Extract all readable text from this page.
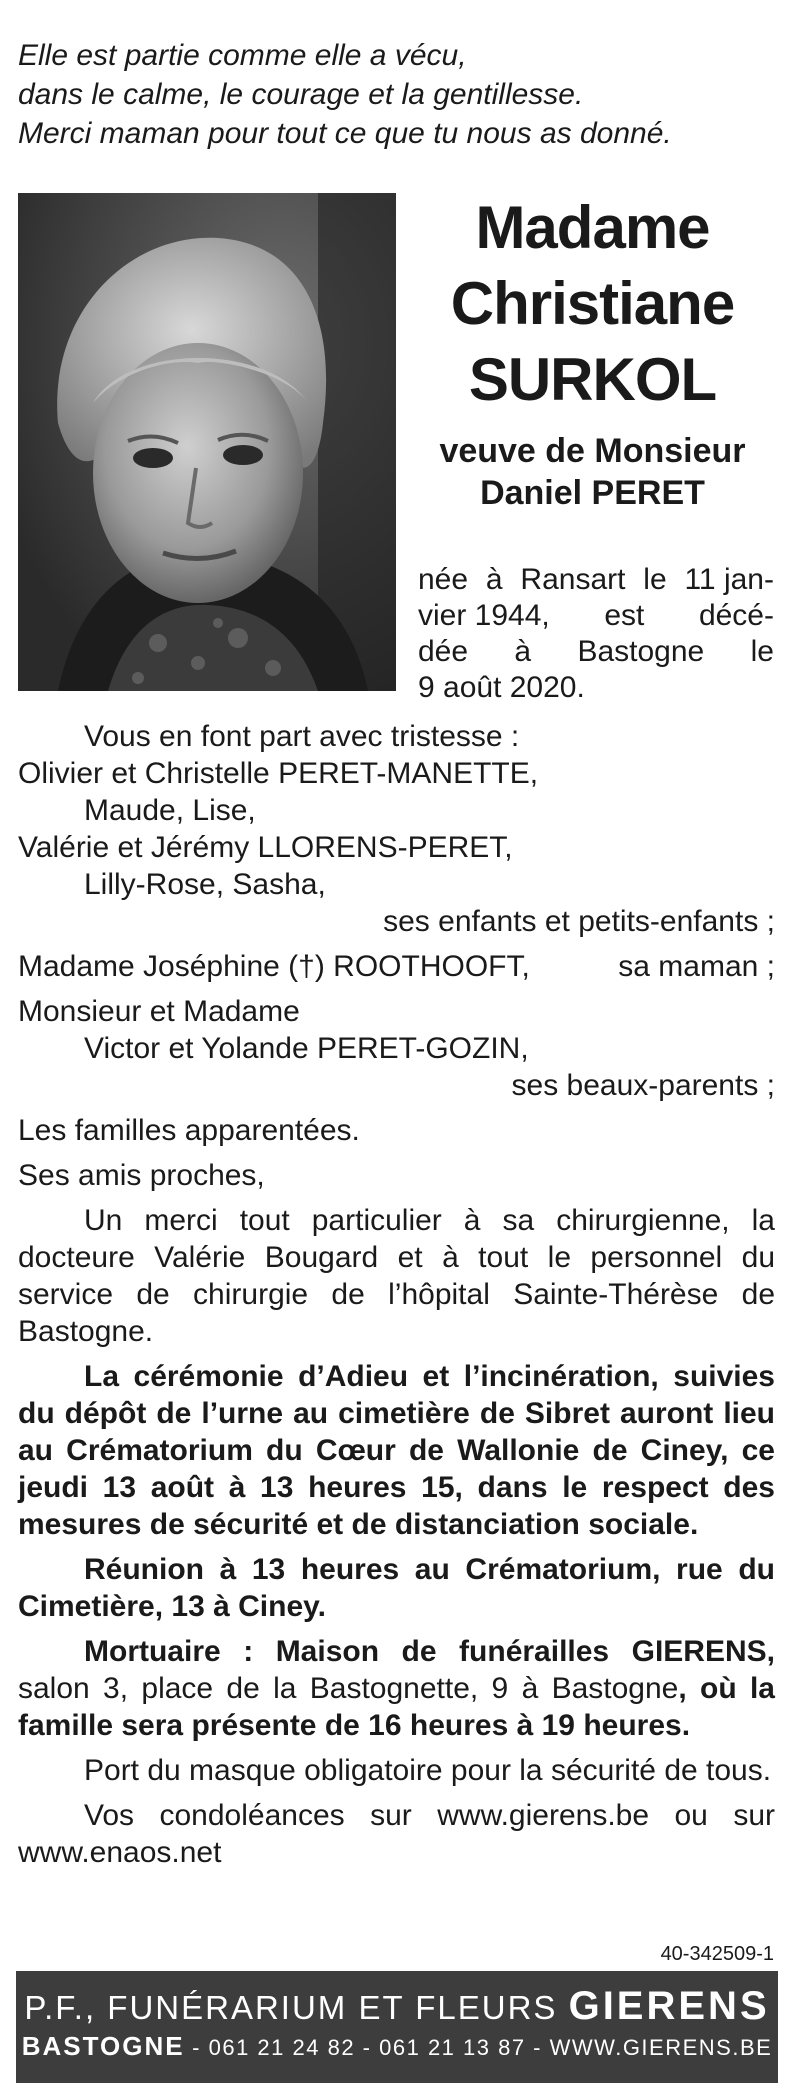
Elle est partie comme elle a vécu,
dans le calme, le courage et la gentillesse.
Merci maman pour tout ce que tu nous as donné.
Madame
Christiane
SURKOL
veuve de Monsieur
Daniel PERET
née à Ransart le 11 jan-
vier 1944, est décé-
dée à Bastogne le
9 août 2020.

Vous en font part avec tristesse :

Olivier et Christelle PERET-MANETTE,

Maude, Lise,

Valérie et Jérémy LLORENS-PERET,

Lilly-Rose, Sasha,

ses enfants et petits-enfants ;

Madame Joséphine (†) ROOTHOOFT,	sa maman ;

Monsieur et Madame

Victor et Yolande PERET-GOZIN,

ses beaux-parents ;

Les familles apparentées.

Ses amis proches,

Un merci tout particulier à sa chirurgienne, la docteure Valérie Bougard et à tout le personnel du service de chirurgie de l’hôpital Sainte-Thérèse de Bastogne.

La cérémonie d’Adieu et l’incinération, suivies du dépôt de l’urne au cimetière de Sibret auront lieu au Crématorium du Cœur de Wallonie de Ciney, ce jeudi 13 août à 13 heures 15, dans le respect des mesures de sécurité et de distanciation sociale.

Réunion à 13 heures au Crématorium, rue du Cimetière, 13 à Ciney.

Mortuaire : Maison de funérailles GIERENS, salon 3, place de la Bastognette, 9 à Bastogne, où la famille sera présente de 16 heures à 19 heures.

Port du masque obligatoire pour la sécurité de tous.

Vos condoléances sur www.gierens.be ou sur www.enaos.net

40-342509-1
P.F., FUNÉRARIUM ET FLEURS GIERENS
BASTOGNE - 061 21 24 82 - 061 21 13 87 - WWW.GIERENS.BE
